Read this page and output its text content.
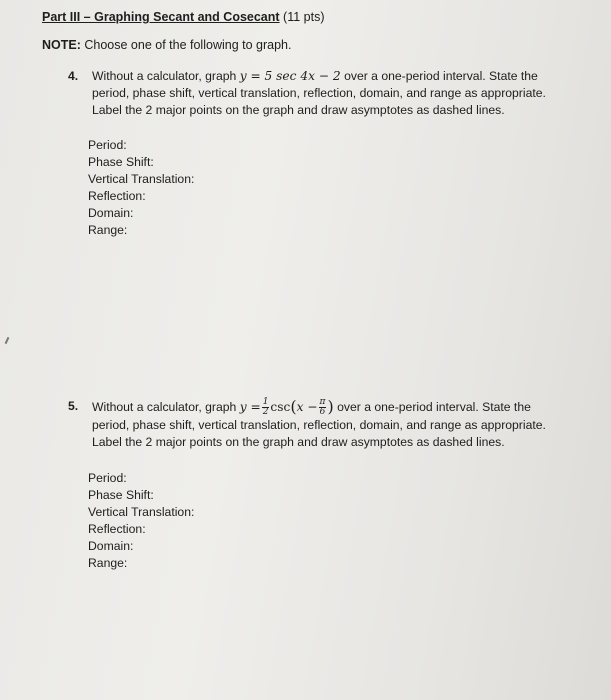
Part III – Graphing Secant and Cosecant (11 pts)
NOTE: Choose one of the following to graph.
4. Without a calculator, graph y = 5 sec 4x − 2 over a one-period interval. State the period, phase shift, vertical translation, reflection, domain, and range as appropriate. Label the 2 major points on the graph and draw asymptotes as dashed lines.
Period:
Phase Shift:
Vertical Translation:
Reflection:
Domain:
Range:
5. Without a calculator, graph $y = \frac{1}{2} \csc(x - \frac{\pi}{6}$ ) over a one-period interval. State the period, phase shift, vertical translation, reflection, domain, and range as appropriate. Label the 2 major points on the graph and draw asymptotes as dashed lines.
Period:
Phase Shift:
Vertical Translation:
Reflection:
Domain:
Range:
